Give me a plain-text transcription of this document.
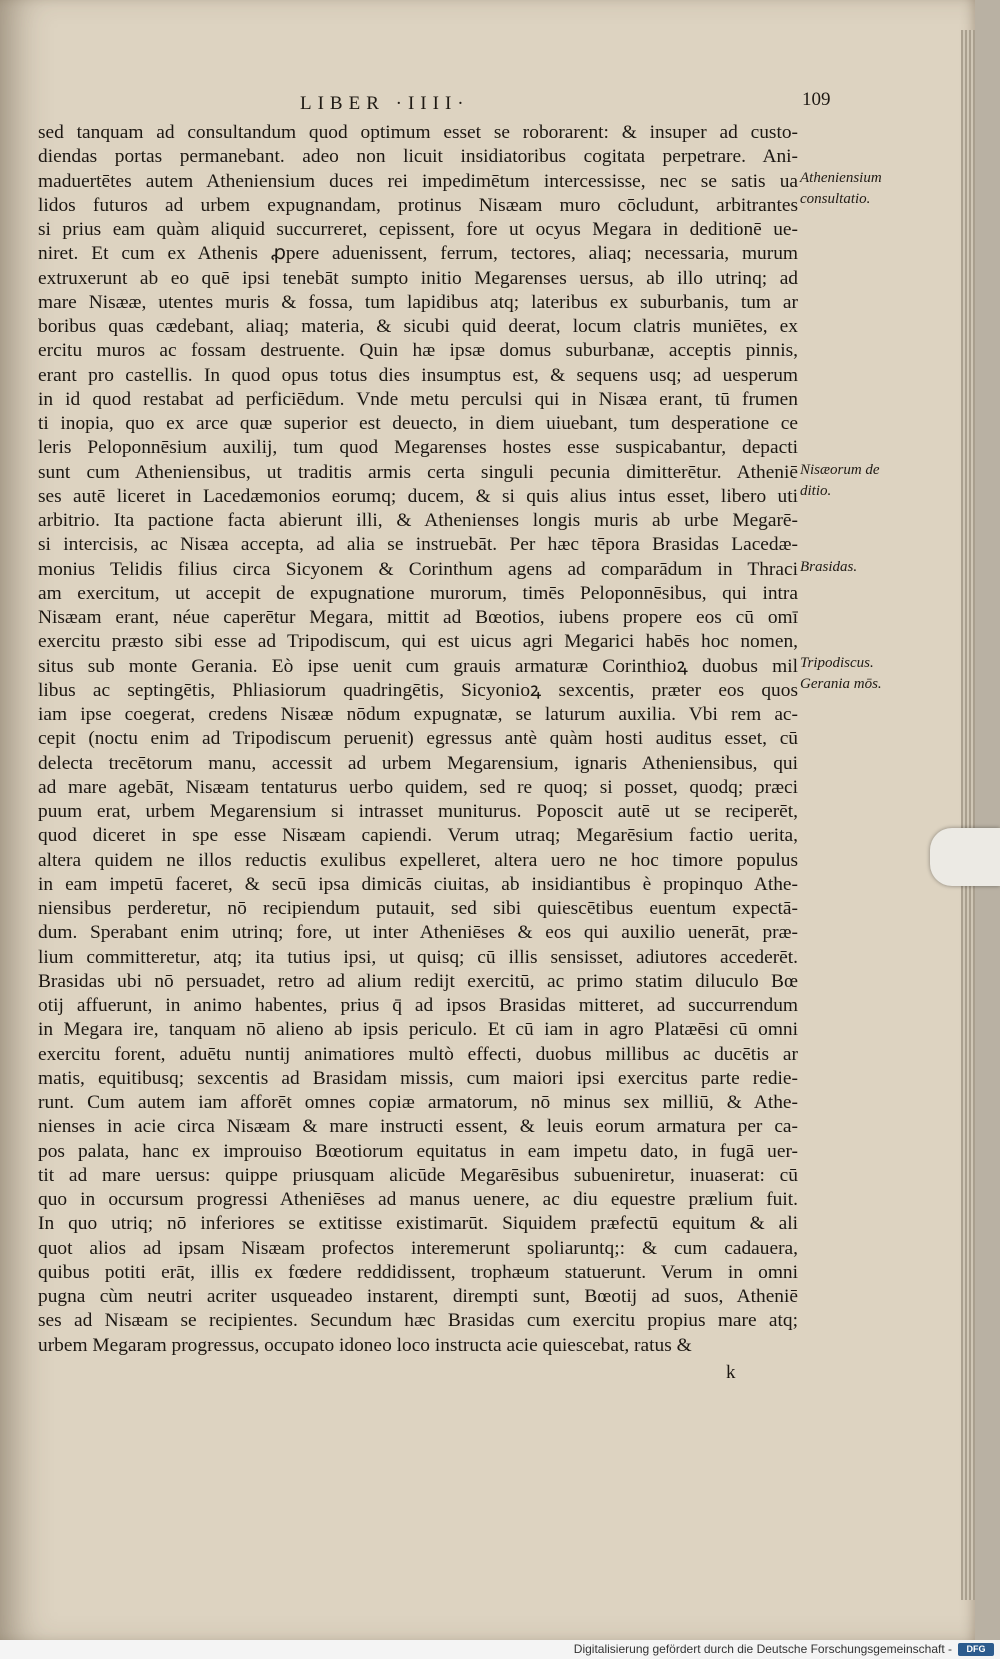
LIBER ·IIII·	109
sed tanquam ad consultandum quod optimum esset se roborarent: & insuper ad custo-
diendas portas permanebant. adeo non licuit insidiatoribus cogitata perpetrare. Ani-
maduertētes autem Atheniensium duces rei impedimētum intercessisse, nec se satis ua
lidos futuros ad urbem expugnandam, protinus Nisæam muro cōcludunt, arbitrantes
si prius eam quàm aliquid succurreret, cepissent, fore ut ocyus Megara in deditionē ue-
niret. Et cum ex Athenis ꝓpere aduenissent, ferrum, tectores, aliaq; necessaria, murum
extruxerunt ab eo quē ipsi tenebāt sumpto initio Megarenses uersus, ab illo utrinq; ad
mare Nisææ, utentes muris & fossa, tum lapidibus atq; lateribus ex suburbanis, tum ar
boribus quas cædebant, aliaq; materia, & sicubi quid deerat, locum clatris muniētes, ex
ercitu muros ac fossam destruente. Quin hæ ipsæ domus suburbanæ, acceptis pinnis,
erant pro castellis. In quod opus totus dies insumptus est, & sequens usq; ad uesperum
in id quod restabat ad perficiēdum. Vnde metu perculsi qui in Nisæa erant, tū frumen
ti inopia, quo ex arce quæ superior est deuecto, in diem uiuebant, tum desperatione ce
leris Peloponnēsium auxilij, tum quod Megarenses hostes esse suspicabantur, depacti
sunt cum Atheniensibus, ut traditis armis certa singuli pecunia dimitterētur. Atheniē
ses autē liceret in Lacedæmonios eorumq; ducem, & si quis alius intus esset, libero uti
arbitrio. Ita pactione facta abierunt illi, & Athenienses longis muris ab urbe Megarē-
si intercisis, ac Nisæa accepta, ad alia se instruebāt. Per hæc tēpora Brasidas Lacedæ-
monius Telidis filius circa Sicyonem & Corinthum agens ad comparādum in Thraci
am exercitum, ut accepit de expugnatione murorum, timēs Peloponnēsibus, qui intra
Nisæam erant, néue caperētur Megara, mittit ad Bœotios, iubens propere eos cū omī
exercitu præsto sibi esse ad Tripodiscum, qui est uicus agri Megarici habēs hoc nomen,
situs sub monte Gerania. Eò ipse uenit cum grauis armaturæ Corinthioꝝ duobus mil
libus ac septingētis, Phliasiorum quadringētis, Sicyonioꝝ sexcentis, præter eos quos
iam ipse coegerat, credens Nisææ nōdum expugnatæ, se laturum auxilia. Vbi rem ac-
cepit (noctu enim ad Tripodiscum peruenit) egressus antè quàm hosti auditus esset, cū
delecta trecētorum manu, accessit ad urbem Megarensium, ignaris Atheniensibus, qui
ad mare agebāt, Nisæam tentaturus uerbo quidem, sed re quoq; si posset, quodq; præci
puum erat, urbem Megarensium si intrasset muniturus. Poposcit autē ut se reciperēt,
quod diceret in spe esse Nisæam capiendi. Verum utraq; Megarēsium factio uerita,
altera quidem ne illos reductis exulibus expelleret, altera uero ne hoc timore populus
in eam impetū faceret, & secū ipsa dimicās ciuitas, ab insidiantibus è propinquo Athe-
niensibus perderetur, nō recipiendum putauit, sed sibi quiescētibus euentum expectā-
dum. Sperabant enim utrinq; fore, ut inter Atheniēses & eos qui auxilio uenerāt, præ-
lium committeretur, atq; ita tutius ipsi, ut quisq; cū illis sensisset, adiutores accederēt.
Brasidas ubi nō persuadet, retro ad alium redijt exercitū, ac primo statim diluculo Bœ
otij affuerunt, in animo habentes, prius q̄ ad ipsos Brasidas mitteret, ad succurrendum
in Megara ire, tanquam nō alieno ab ipsis periculo. Et cū iam in agro Platæēsi cū omni
exercitu forent, aduētu nuntij animatiores multò effecti, duobus millibus ac ducētis ar
matis, equitibusq; sexcentis ad Brasidam missis, cum maiori ipsi exercitus parte redie-
runt. Cum autem iam afforēt omnes copiæ armatorum, nō minus sex milliū, & Athe-
nienses in acie circa Nisæam & mare instructi essent, & leuis eorum armatura per ca-
pos palata, hanc ex improuiso Bœotiorum equitatus in eam impetu dato, in fugā uer-
tit ad mare uersus: quippe priusquam alicūde Megarēsibus subueniretur, inuaserat: cū
quo in occursum progressi Atheniēses ad manus uenere, ac diu equestre prælium fuit.
In quo utriq; nō inferiores se extitisse existimarūt. Siquidem præfectū equitum & ali
quot alios ad ipsam Nisæam profectos interemerunt spoliaruntq;: & cum cadauera,
quibus potiti erāt, illis ex fœdere reddidissent, trophæum statuerunt. Verum in omni
pugna cùm neutri acriter usqueadeo instarent, dirempti sunt, Bœotij ad suos, Atheniē
ses ad Nisæam se recipientes. Secundum hæc Brasidas cum exercitu propius mare atq;
urbem Megaram progressus, occupato idoneo loco instructa acie quiescebat, ratus &
Atheniensium
consultatio.
Nisæorum de
ditio.
Brasidas.
Tripodiscus.
Gerania mōs.
k
Digitalisierung gefördert durch die Deutsche Forschungsgemeinschaft -	DFG
